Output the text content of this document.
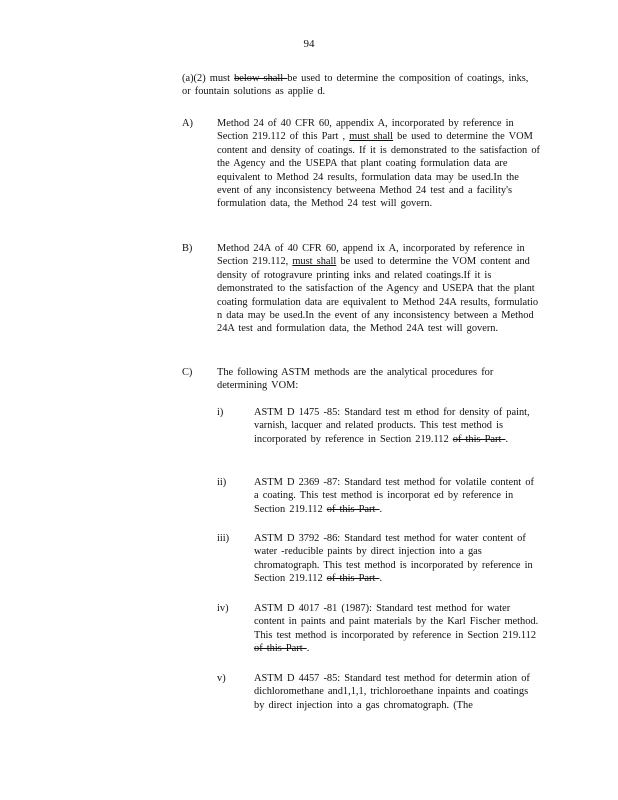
94
(a)(2) must below shall be used to determine the composition of coatings, inks, or fountain solutions as applie d.
A) Method 24 of 40 CFR 60, appendix A, incorporated by reference in Section 219.112 of this Part , must shall be used to determine the VOM content and density of coatings. If it is demonstrated to the satisfaction of the Agency and the USEPA that plant coating formulation data are equivalent to Method 24 results, formulation data may be used.In the event of any inconsistency betweena Method 24 test and a facility's formulation data, the Method 24 test will govern.
B) Method 24A of 40 CFR 60, append ix A, incorporated by reference in Section 219.112, must shall be used to determine the VOM content and density of rotogravure printing inks and related coatings.If it is demonstrated to the satisfaction of the Agency and USEPA that the plant coating formulation data are equivalent to Method 24A results, formulatio n data may be used.In the event of any inconsistency between a Method 24A test and formulation data, the Method 24A test will govern.
C) The following ASTM methods are the analytical procedures for determining VOM:
i)	ASTM D 1475 -85: Standard test m ethod for density of paint, varnish, lacquer and related products. This test method is incorporated by reference in Section 219.112 of this Part .
ii)	ASTM D 2369 -87: Standard test method for volatile content of a coating. This test method is incorporat ed by reference in Section 219.112 of this Part .
iii) ASTM D 3792 -86: Standard test method for water content of water -reducible paints by direct injection into a gas chromatograph. This test method is incorporated by reference in Section 219.112 of this Part .
iv) ASTM D 4017 -81 (1987): Standard test method for water content in paints and paint materials by the Karl Fischer method. This test method is incorporated by reference in Section 219.112 of this Part .
v)	ASTM D 4457 -85: Standard test method for determin ation of dichloromethane and1,1,1, trichloroethane inpaints and coatings by direct injection into a gas chromatograph. (The
